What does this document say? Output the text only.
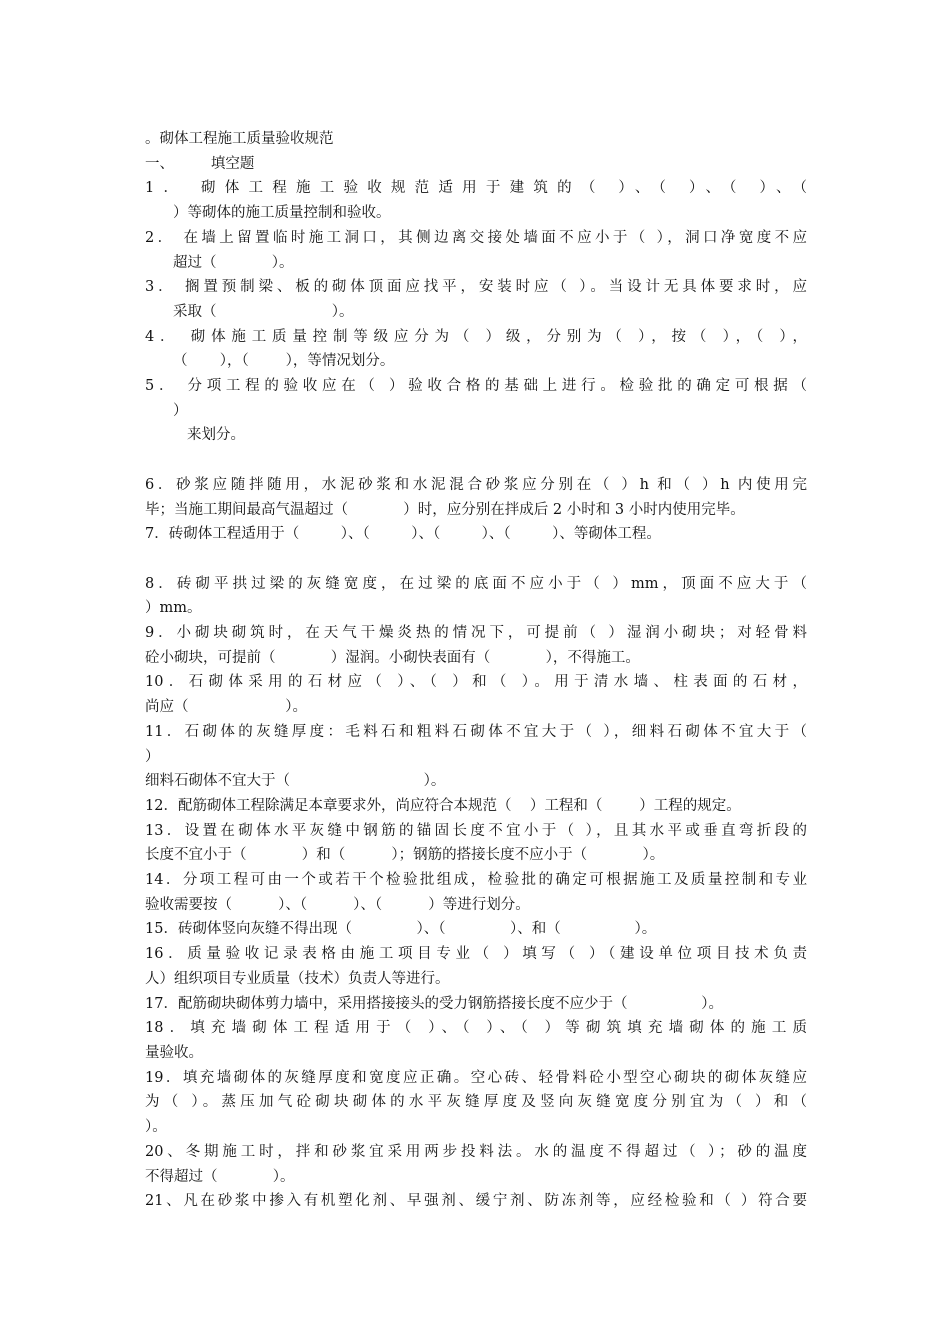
。砌体工程施工质量验收规范
一、        填空题
1． 砌体工程施工验收规范适用于建筑的（ ）、（ ）、（ ）、（
）等砌体的施工质量控制和验收。
2． 在墙上留置临时施工洞口，其侧边离交接处墙面不应小于（ ），洞口净宽度不应
超过（            ）。
3． 搁置预制梁、板的砌体顶面应找平，安装时应（ ）。当设计无具体要求时，应
采取（                         ）。
4． 砌体施工质量控制等级应分为（ ）级，分别为（ ），按（ ），（ ），
（       ），（        ），等情况划分。
5． 分项工程的验收应在（ ）验收合格的基础上进行。检验批的确定可根据（
）
来划分。
6．砂浆应随拌随用，水泥砂浆和水泥混合砂浆应分别在（ ）h 和（ ）h 内使用完
毕；当施工期间最高气温超过（            ）时，应分别在拌成后 2 小时和 3 小时内使用完毕。
7．砖砌体工程适用于（         ）、（         ）、（         ）、（         ）、等砌体工程。
8．砖砌平拱过梁的灰缝宽度，在过梁的底面不应小于（ ）mm，顶面不应大于（
）mm。
9．小砌块砌筑时，在天气干燥炎热的情况下，可提前（ ）湿润小砌块；对轻骨料
砼小砌块，可提前（            ）湿润。小砌快表面有（            ），不得施工。
10．石砌体采用的石材应（ ）、（ ）和（ ）。用于清水墙、柱表面的石材，
尚应（                     ）。
11．石砌体的灰缝厚度：毛料石和粗料石砌体不宜大于（ ），细料石砌体不宜大于（
）
细料石砌体不宜大于（                             ）。
12．配筋砌体工程除满足本章要求外，尚应符合本规范（    ）工程和（        ）工程的规定。
13．设置在砌体水平灰缝中钢筋的锚固长度不宜小于（ ），且其水平或垂直弯折段的
长度不宜小于（            ）和（          ）；钢筋的搭接长度不应小于（            ）。
14．分项工程可由一个或若干个检验批组成，检验批的确定可根据施工及质量控制和专业
验收需要按（          ）、（          ）、（          ）等进行划分。
15．砖砌体竖向灰缝不得出现（              ）、（              ）、和（                ）。
16．质量验收记录表格由施工项目专业（ ）填写（ ）（建设单位项目技术负责
人）组织项目专业质量（技术）负责人等进行。
17．配筋砌块砌体剪力墙中，采用搭接接头的受力钢筋搭接长度不应少于（                ）。
18．填充墙砌体工程适用于（ ）、（ ）、（ ）等砌筑填充墙砌体的施工质
量验收。
19．填充墙砌体的灰缝厚度和宽度应正确。空心砖、轻骨料砼小型空心砌块的砌体灰缝应
为（ ）。蒸压加气砼砌块砌体的水平灰缝厚度及竖向灰缝宽度分别宜为（ ）和（
）。
20、冬期施工时，拌和砂浆宜采用两步投料法。水的温度不得超过（ ）；砂的温度
不得超过（            ）。
21、凡在砂浆中掺入有机塑化剂、早强剂、缓宁剂、防冻剂等，应经检验和（ ）符合要
